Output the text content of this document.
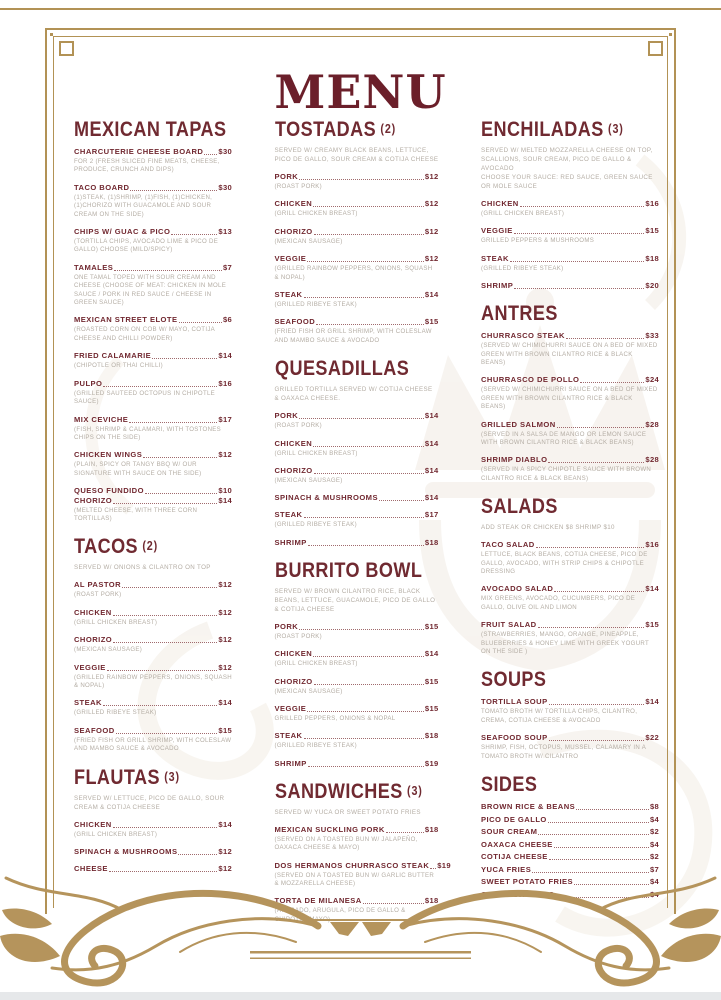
MENU
MEXICAN TAPAS
CHARCUTERIE CHEESE BOARD $30

FOR 2 (FRESH SLICED FINE MEATS, CHEESE, PRODUCE, CRUNCH AND DIPS)

TACO BOARD	$30

(1)STEAK, (1)SHRIMP, (1)FISH, (1)CHICKEN, (1)CHORIZO WITH GUACAMOLE AND SOUR CREAM ON THE SIDE)

CHIPS W/ GUAC & PICO	$13

(TORTILLA CHIPS, AVOCADO LIME & PICO DE GALLO) CHOOSE (MILD/SPICY)

TAMALES	$7

ONE TAMAL TOPED WITH SOUR CREAM AND CHEESE (CHOOSE OF MEAT: CHICKEN IN MOLE SAUCE / PORK IN RED SAUCE / CHEESE IN GREEN SAUCE)

MEXICAN STREET ELOTE	$6

(ROASTED CORN ON COB W/ MAYO, COTIJA CHEESE AND CHILLI POWDER)

FRIED CALAMARIE	$14

(CHIPOTLE OR THAI CHILLI)

PULPO	$16

(GRILLED SAUTEED OCTOPUS IN CHIPOTLE SAUCE)

MIX CEVICHE	$17

(FISH, SHRIMP & CALAMARI, WITH TOSTONES CHIPS ON THE SIDE)

CHICKEN WINGS	$12

(PLAIN, SPICY OR TANGY BBQ W/ OUR SIGNATURE WITH SAUCE ON THE SIDE)

QUESO FUNDIDO	$10
CHORIZO	$14

(MELTED CHEESE, WITH THREE CORN TORTILLAS)

TACOS (2)

SERVED W/ ONIONS & CILANTRO ON TOP

AL PASTOR	$12

(ROAST PORK)

CHICKEN	$12

(GRILL CHICKEN BREAST)

CHORIZO	$12

(MEXICAN SAUSAGE)

VEGGIE	$12

(GRILLED RAINBOW PEPPERS, ONIONS, SQUASH & NOPAL)

STEAK	$14

(GRILLED RIBEYE STEAK)

SEAFOOD	$15

(FRIED FISH OR GRILL SHRIMP, WITH COLESLAW AND MAMBO SAUCE & AVOCADO

FLAUTAS (3)

SERVED W/ LETTUCE, PICO DE GALLO, SOUR CREAM & COTIJA CHEESE

CHICKEN	$14

(GRILL CHICKEN BREAST)

SPINACH & MUSHROOMS	$12
CHEESE	$12
TOSTADAS (2)

SERVED W/ CREAMY BLACK BEANS, LETTUCE, PICO DE GALLO, SOUR CREAM & COTIJA CHEESE

PORK	$12

(ROAST PORK)

CHICKEN	$12

(GRILL CHICKEN BREAST)

CHORIZO	$12

(MEXICAN SAUSAGE)

VEGGIE	$12

(GRILLED RAINBOW PEPPERS, ONIONS, SQUASH & NOPAL)

STEAK	$14

(GRILLED RIBEYE STEAK)

SEAFOOD	$15

(FRIED FISH OR GRILL SHRIMP, WITH COLESLAW AND MAMBO SAUCE & AVOCADO

QUESADILLAS

GRILLED TORTILLA SERVED W/ COTIJA CHEESE & OAXACA CHEESE.

PORK	$14

(ROAST PORK)

CHICKEN	$14

(GRILL CHICKEN BREAST)

CHORIZO	$14

(MEXICAN SAUSAGE)

SPINACH & MUSHROOMS	$14
STEAK	$17

(GRILLED RIBEYE STEAK)

SHRIMP	$18
BURRITO BOWL

SERVED W/ BROWN CILANTRO RICE, BLACK BEANS, LETTUCE, GUACAMOLE, PICO DE GALLO & COTIJA CHEESE

PORK	$15

(ROAST PORK)

CHICKEN	$14

(GRILL CHICKEN BREAST)

CHORIZO	$15

(MEXICAN SAUSAGE)

VEGGIE	$15

GRILLED PEPPERS, ONIONS & NOPAL

STEAK	$18

(GRILLED RIBEYE STEAK)

SHRIMP	$19
SANDWICHES (3)

SERVED W/ YUCA OR SWEET POTATO FRIES

MEXICAN SUCKLING PORK	$18

(SERVED ON A TOASTED BUN W/ JALAPEÑO, OAXACA CHEESE & MAYO)

DOS HERMANOS CHURRASCO STEAK $19

(SERVED ON A TOASTED BUN W/ GARLIC BUTTER & MOZZARELLA CHEESE)

TORTA DE MILANESA	$18

(AVOCADO, ARUGULA, PICO DE GALLO & CHIPOTLE MAYO)

ENCHILADAS (3)

SERVED W/ MELTED MOZZARELLA CHEESE ON TOP, SCALLIONS, SOUR CREAM, PICO DE GALLO & AVOCADO

CHOOSE YOUR SAUCE: RED SAUCE, GREEN SAUCE OR MOLE SAUCE

CHICKEN	$16

(GRILL CHICKEN BREAST)

VEGGIE	$15

GRILLED PEPPERS & MUSHROOMS

STEAK	$18

(GRILLED RIBEYE STEAK)

SHRIMP	$20
ANTRES
CHURRASCO STEAK	$33

(SERVED W/ CHIMICHURRI SAUCE ON A BED OF MIXED GREEN WITH BROWN CILANTRO RICE & BLACK BEANS)

CHURRASCO DE POLLO	$24

(SERVED W/ CHIMICHURRI SAUCE ON A BED OF MIXED GREEN WITH BROWN CILANTRO RICE & BLACK BEANS)

GRILLED SALMON	$28

(SERVED IN A SALSA DE MANGO OR LEMON SAUCE WITH BROWN CILANTRO RICE & BLACK BEANS)

SHRIMP DIABLO	$28

(SERVED IN A SPICY CHIPOTLE SAUCE WITH BROWN CILANTRO RICE & BLACK BEANS)

SALADS

ADD STEAK OR CHICKEN $8 SHRIMP $10

TACO SALAD	$16

LETTUCE, BLACK BEANS, COTIJA CHEESE, PICO DE GALLO, AVOCADO, WITH STRIP CHIPS & CHIPOTLE DRESSING

AVOCADO SALAD	$14

MIX GREENS, AVOCADO, CUCUMBERS, PICO DE GALLO, OLIVE OIL AND LIMON

FRUIT SALAD	$15

(STRAWBERRIES, MANGO, ORANGE, PINEAPPLE, BLUEBERRIES & HONEY LIME WITH GREEK YOGURT ON THE SIDE )

SOUPS
TORTILLA SOUP	$14

TOMATO BROTH W/ TORTILLA CHIPS, CILANTRO, CREMA, COTIJA CHEESE & AVOCADO

SEAFOOD SOUP	$22

SHRIMP, FISH, OCTOPUS, MUSSEL, CALAMARY IN A TOMATO BROTH W/ CILANTRO

SIDES
BROWN RICE & BEANS	$8
PICO DE GALLO	$4
SOUR CREAM	$2
OAXACA CHEESE	$4
COTIJA CHEESE	$2
YUCA FRIES	$7
SWEET POTATO FRIES	$4
CORN TORTILLAS	$4
